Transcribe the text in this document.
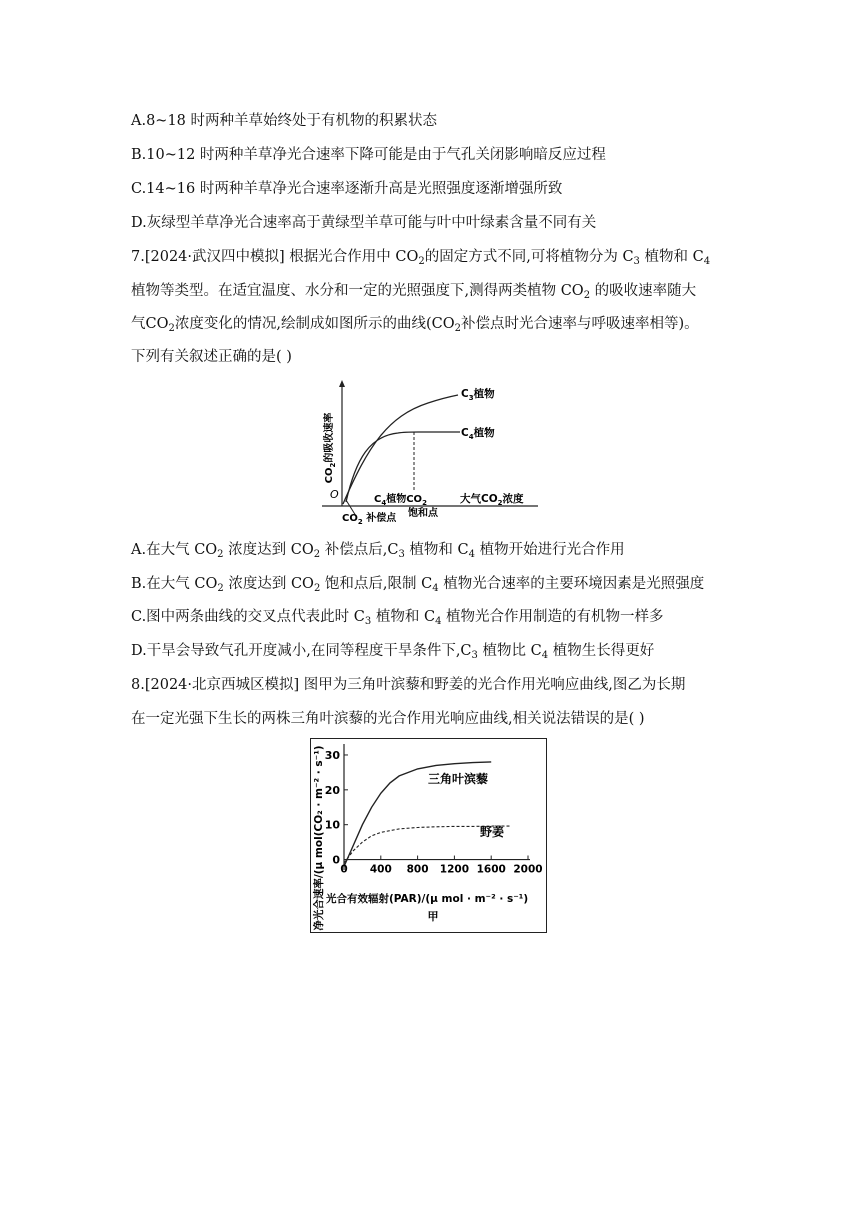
A.8~18 时两种羊草始终处于有机物的积累状态
B.10~12 时两种羊草净光合速率下降可能是由于气孔关闭影响暗反应过程
C.14~16 时两种羊草净光合速率逐渐升高是光照强度逐渐增强所致
D.灰绿型羊草净光合速率高于黄绿型羊草可能与叶中叶绿素含量不同有关
7.[2024·武汉四中模拟] 根据光合作用中 $CO_2$的固定方式不同,可将植物分为 $C_3$ 植物和 $C_4$
植物等类型。在适宜温度、水分和一定的光照强度下,测得两类植物 $CO_2$ 的吸收速率随大
气$CO_2$浓度变化的情况,绘制成如图所示的曲线($CO_2$补偿点时光合速率与呼吸速率相等)。
下列有关叙述正确的是( )
$CO_2$的吸收速率
O
$C_3$植物
$C_4$植物
$C_4$植物$CO_2$
饱和点
$CO_2$ 补偿点
大气$CO_2$浓度
A.在大气 $CO_2$ 浓度达到 $CO_2$ 补偿点后$,C_3$ 植物和 $C_4$ 植物开始进行光合作用
B.在大气 $CO_2$ 浓度达到 $CO_2$ 饱和点后,限制 $C_4$ 植物光合速率的主要环境因素是光照强度
C.图中两条曲线的交叉点代表此时 $C_3$ 植物和 $C_4$ 植物光合作用制造的有机物一样多
D.干旱会导致气孔开度减小,在同等程度干旱条件下$,C_3$ 植物比 $C_4$ 植物生长得更好
8.[2024·北京西城区模拟] 图甲为三角叶滨藜和野姜的光合作用光响应曲线,图乙为长期
在一定光强下生长的两株三角叶滨藜的光合作用光响应曲线,相关说法错误的是( )
0
10
20
30
0 400 800 1200 1600 2000
三角叶滨藜
野姜
净光合速率/(μ mol(CO₂ · m⁻² · s⁻¹) 光合有效辐射(PAR)/(μ mol · m⁻² · s⁻¹)
甲
